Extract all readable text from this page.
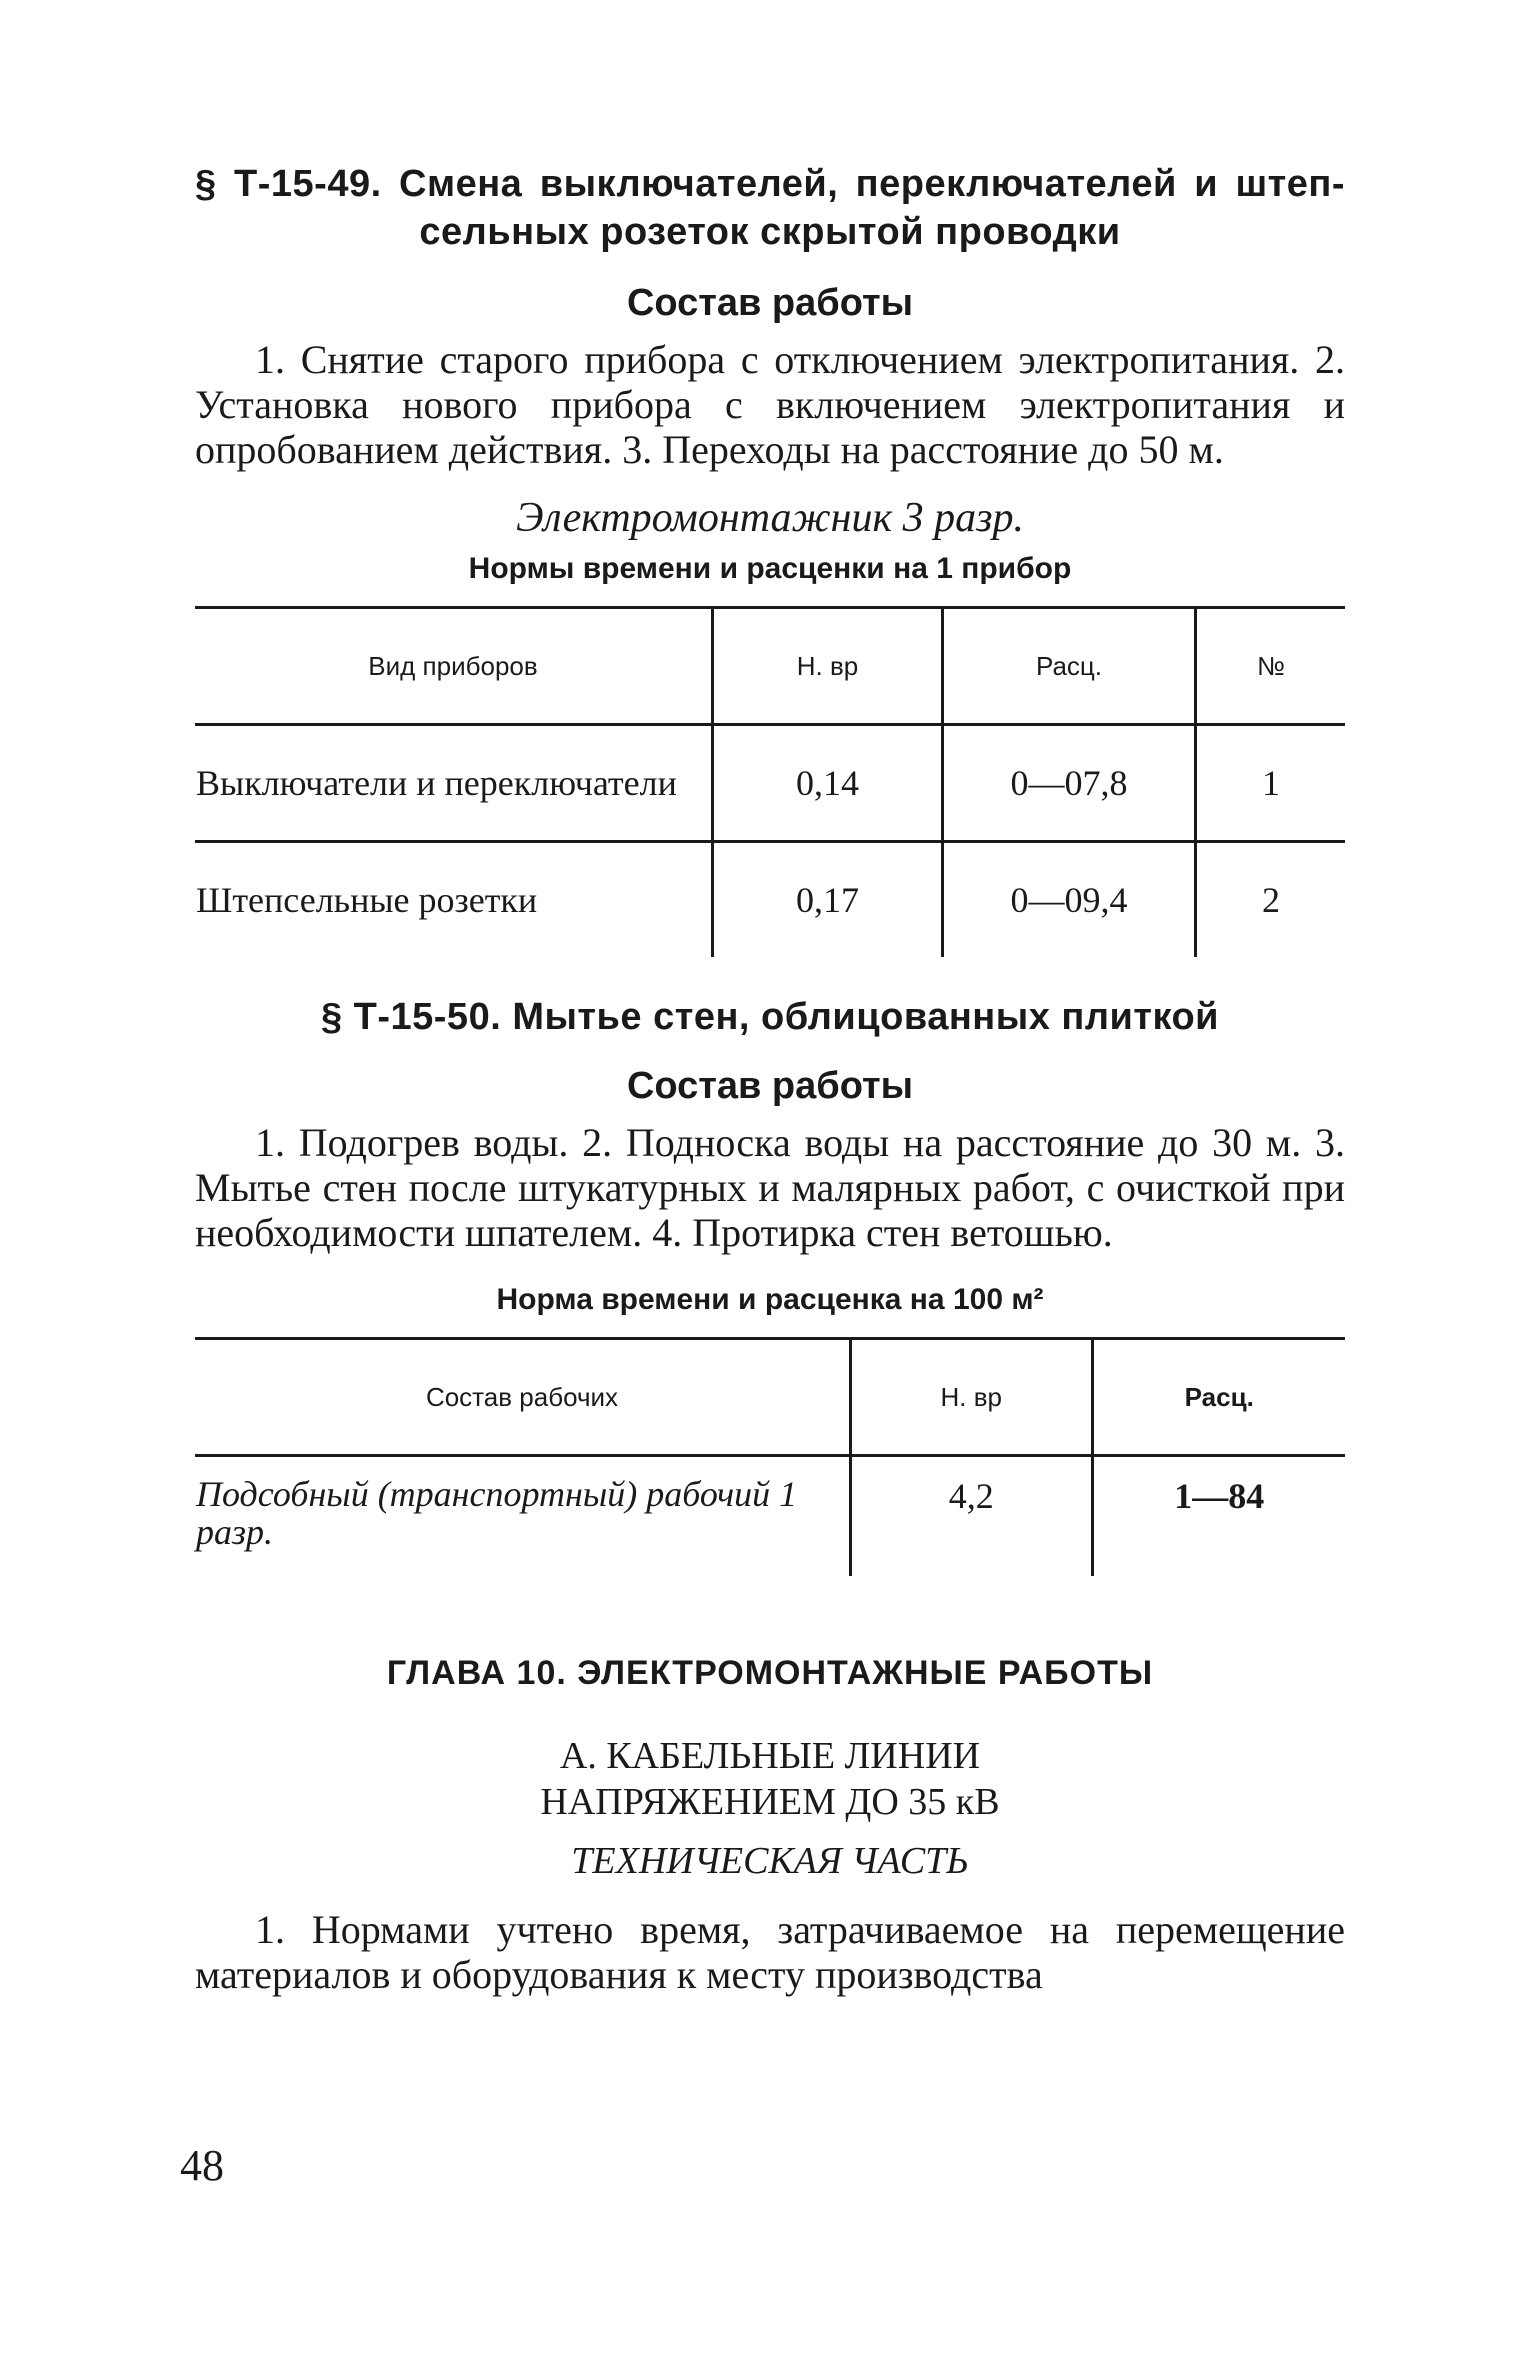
§ Т-15-49. Смена выключателей, переключателей и штеп-
сельных розеток скрытой проводки
Состав работы

1. Снятие старого прибора с отключением электропитания. 2. Установка нового прибора с включением электропитания и опробованием действия. 3. Переходы на расстояние до 50 м.

Электромонтажник 3 разр.
Нормы времени и расценки на 1 прибор
Вид приборов	Н. вр	Расц.	№
Выключатели и переключатели	0,14	0—07,8	1
Штепсельные розетки	0,17	0—09,4	2
§ Т-15-50. Мытье стен, облицованных плиткой
Состав работы

1. Подогрев воды. 2. Подноска воды на расстояние до 30 м. 3. Мытье стен после штукатурных и малярных работ, с очисткой при необходимости шпателем. 4. Протирка стен ветошью.

Норма времени и расценка на 100 м²
Состав рабочих	Н. вр	Расц.
Подсобный (транспортный) рабочий 1 разр.	4,2	1—84
ГЛАВА 10. ЭЛЕКТРОМОНТАЖНЫЕ РАБОТЫ

А. КАБЕЛЬНЫЕ ЛИНИИ

НАПРЯЖЕНИЕМ ДО 35 кВ

ТЕХНИЧЕСКАЯ ЧАСТЬ

1. Нормами учтено время, затрачиваемое на перемещение материалов и оборудования к месту производства

48
